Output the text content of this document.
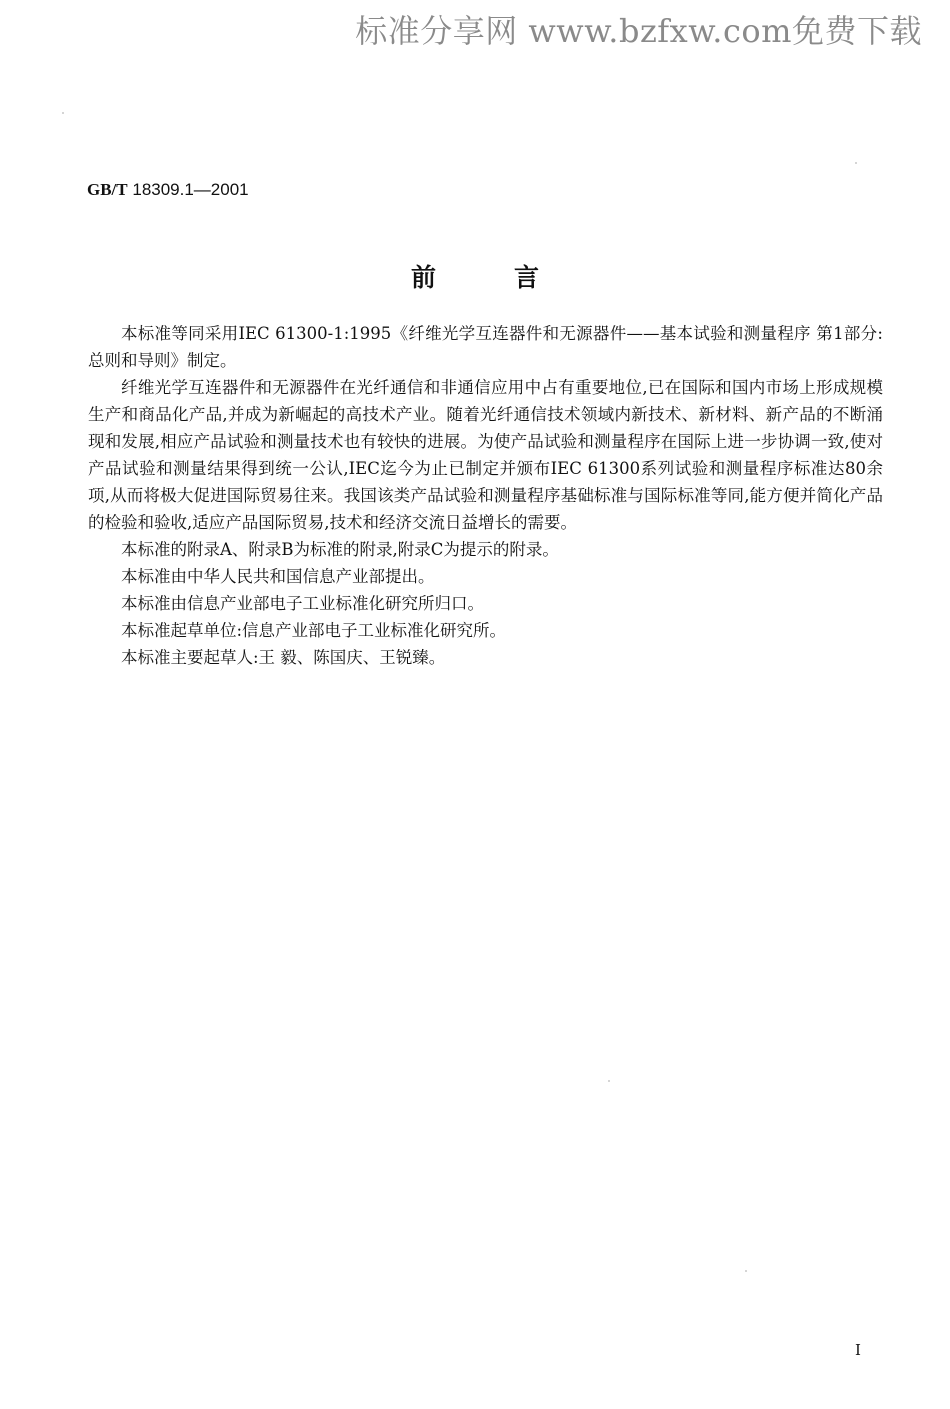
标准分享网 www.bzfxw.com免费下载
GB/T 18309.1—2001
前言

本标准等同采用IEC 61300-1:1995《纤维光学互连器件和无源器件——基本试验和测量程序 第1部分:总则和导则》制定。

纤维光学互连器件和无源器件在光纤通信和非通信应用中占有重要地位,已在国际和国内市场上形成规模生产和商品化产品,并成为新崛起的高技术产业。随着光纤通信技术领域内新技术、新材料、新产品的不断涌现和发展,相应产品试验和测量技术也有较快的进展。为使产品试验和测量程序在国际上进一步协调一致,使对产品试验和测量结果得到统一公认,IEC迄今为止已制定并颁布IEC 61300系列试验和测量程序标准达80余项,从而将极大促进国际贸易往来。我国该类产品试验和测量程序基础标准与国际标准等同,能方便并简化产品的检验和验收,适应产品国际贸易,技术和经济交流日益增长的需要。

本标准的附录A、附录B为标准的附录,附录C为提示的附录。

本标准由中华人民共和国信息产业部提出。

本标准由信息产业部电子工业标准化研究所归口。

本标准起草单位:信息产业部电子工业标准化研究所。

本标准主要起草人:王 毅、陈国庆、王锐臻。

I
